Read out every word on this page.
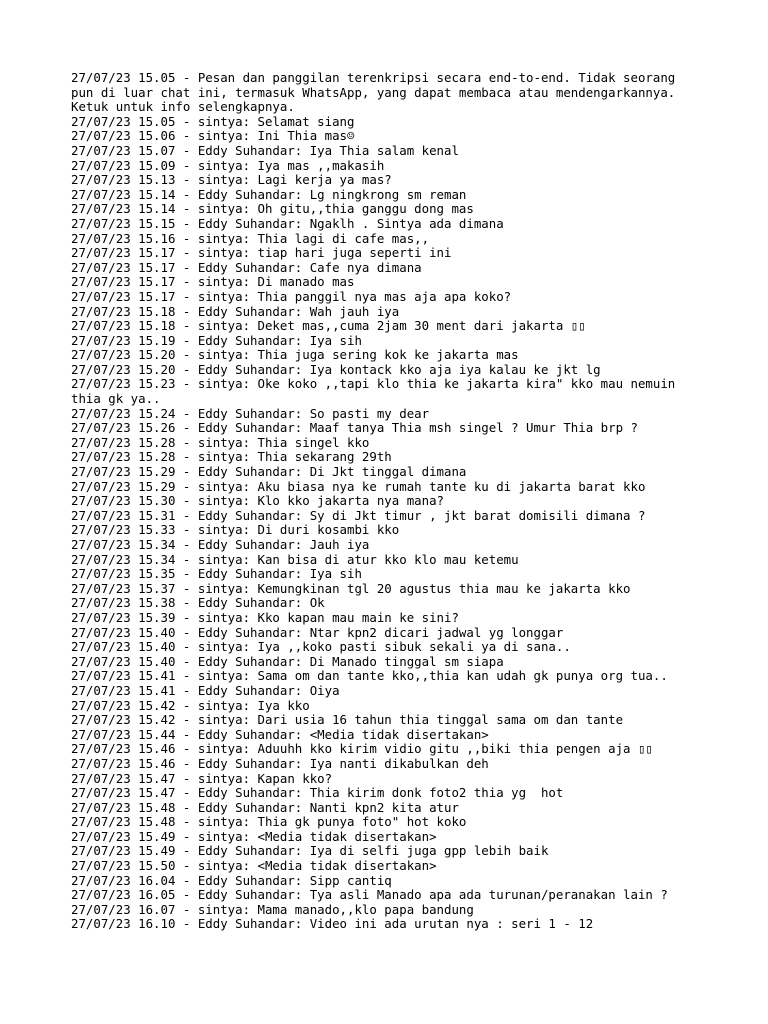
27/07/23 15.05 - Pesan dan panggilan terenkripsi secara end-to-end. Tidak seorang
pun di luar chat ini, termasuk WhatsApp, yang dapat membaca atau mendengarkannya.
Ketuk untuk info selengkapnya.
27/07/23 15.05 - sintya: Selamat siang
27/07/23 15.06 - sintya: Ini Thia mas☺
27/07/23 15.07 - Eddy Suhandar: Iya Thia salam kenal
27/07/23 15.09 - sintya: Iya mas ,,makasih
27/07/23 15.13 - sintya: Lagi kerja ya mas?
27/07/23 15.14 - Eddy Suhandar: Lg ningkrong sm reman
27/07/23 15.14 - sintya: Oh gitu,,thia ganggu dong mas
27/07/23 15.15 - Eddy Suhandar: Ngaklh . Sintya ada dimana
27/07/23 15.16 - sintya: Thia lagi di cafe mas,,
27/07/23 15.17 - sintya: tiap hari juga seperti ini
27/07/23 15.17 - Eddy Suhandar: Cafe nya dimana
27/07/23 15.17 - sintya: Di manado mas
27/07/23 15.17 - sintya: Thia panggil nya mas aja apa koko?
27/07/23 15.18 - Eddy Suhandar: Wah jauh iya
27/07/23 15.18 - sintya: Deket mas,,cuma 2jam 30 ment dari jakarta ▯▯
27/07/23 15.19 - Eddy Suhandar: Iya sih
27/07/23 15.20 - sintya: Thia juga sering kok ke jakarta mas
27/07/23 15.20 - Eddy Suhandar: Iya kontack kko aja iya kalau ke jkt lg
27/07/23 15.23 - sintya: Oke koko ,,tapi klo thia ke jakarta kira" kko mau nemuin
thia gk ya..
27/07/23 15.24 - Eddy Suhandar: So pasti my dear
27/07/23 15.26 - Eddy Suhandar: Maaf tanya Thia msh singel ? Umur Thia brp ?
27/07/23 15.28 - sintya: Thia singel kko
27/07/23 15.28 - sintya: Thia sekarang 29th
27/07/23 15.29 - Eddy Suhandar: Di Jkt tinggal dimana
27/07/23 15.29 - sintya: Aku biasa nya ke rumah tante ku di jakarta barat kko
27/07/23 15.30 - sintya: Klo kko jakarta nya mana?
27/07/23 15.31 - Eddy Suhandar: Sy di Jkt timur , jkt barat domisili dimana ?
27/07/23 15.33 - sintya: Di duri kosambi kko
27/07/23 15.34 - Eddy Suhandar: Jauh iya
27/07/23 15.34 - sintya: Kan bisa di atur kko klo mau ketemu
27/07/23 15.35 - Eddy Suhandar: Iya sih
27/07/23 15.37 - sintya: Kemungkinan tgl 20 agustus thia mau ke jakarta kko
27/07/23 15.38 - Eddy Suhandar: Ok
27/07/23 15.39 - sintya: Kko kapan mau main ke sini?
27/07/23 15.40 - Eddy Suhandar: Ntar kpn2 dicari jadwal yg longgar
27/07/23 15.40 - sintya: Iya ,,koko pasti sibuk sekali ya di sana..
27/07/23 15.40 - Eddy Suhandar: Di Manado tinggal sm siapa
27/07/23 15.41 - sintya: Sama om dan tante kko,,thia kan udah gk punya org tua..
27/07/23 15.41 - Eddy Suhandar: Oiya
27/07/23 15.42 - sintya: Iya kko
27/07/23 15.42 - sintya: Dari usia 16 tahun thia tinggal sama om dan tante
27/07/23 15.44 - Eddy Suhandar: <Media tidak disertakan>
27/07/23 15.46 - sintya: Aduuhh kko kirim vidio gitu ,,biki thia pengen aja ▯▯
27/07/23 15.46 - Eddy Suhandar: Iya nanti dikabulkan deh
27/07/23 15.47 - sintya: Kapan kko?
27/07/23 15.47 - Eddy Suhandar: Thia kirim donk foto2 thia yg  hot
27/07/23 15.48 - Eddy Suhandar: Nanti kpn2 kita atur
27/07/23 15.48 - sintya: Thia gk punya foto" hot koko
27/07/23 15.49 - sintya: <Media tidak disertakan>
27/07/23 15.49 - Eddy Suhandar: Iya di selfi juga gpp lebih baik
27/07/23 15.50 - sintya: <Media tidak disertakan>
27/07/23 16.04 - Eddy Suhandar: Sipp cantiq
27/07/23 16.05 - Eddy Suhandar: Tya asli Manado apa ada turunan/peranakan lain ?
27/07/23 16.07 - sintya: Mama manado,,klo papa bandung
27/07/23 16.10 - Eddy Suhandar: Video ini ada urutan nya : seri 1 - 12
